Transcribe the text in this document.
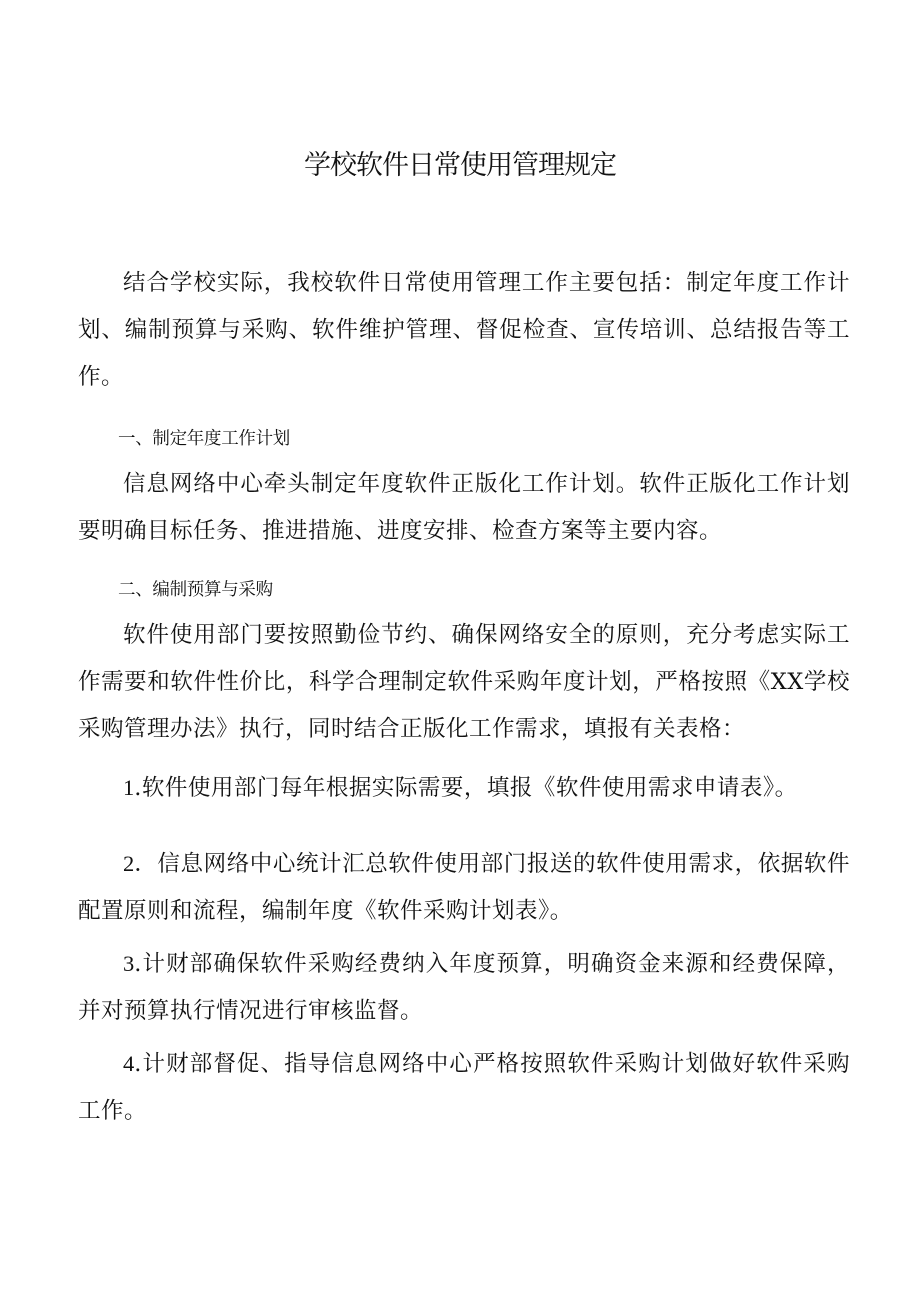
学校软件日常使用管理规定

结合学校实际，我校软件日常使用管理工作主要包括：制定年度工作计划、编制预算与采购、软件维护管理、督促检查、宣传培训、总结报告等工作。

一、制定年度工作计划

信息网络中心牵头制定年度软件正版化工作计划。软件正版化工作计划要明确目标任务、推进措施、进度安排、检查方案等主要内容。

二、编制预算与采购

软件使用部门要按照勤俭节约、确保网络安全的原则，充分考虑实际工作需要和软件性价比，科学合理制定软件采购年度计划，严格按照《XX学校采购管理办法》执行，同时结合正版化工作需求，填报有关表格：

1.软件使用部门每年根据实际需要，填报《软件使用需求申请表》。

2．信息网络中心统计汇总软件使用部门报送的软件使用需求，依据软件配置原则和流程，编制年度《软件采购计划表》。

3.计财部确保软件采购经费纳入年度预算，明确资金来源和经费保障，并对预算执行情况进行审核监督。

4.计财部督促、指导信息网络中心严格按照软件采购计划做好软件采购工作。
